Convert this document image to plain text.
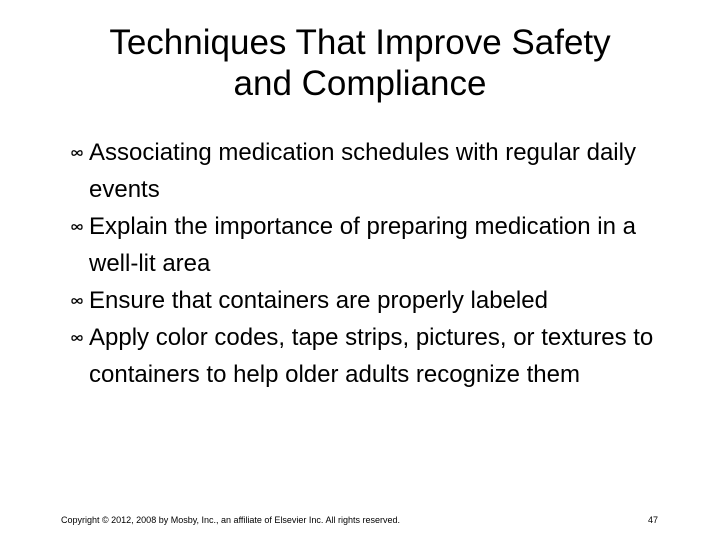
Techniques That Improve Safety
and Compliance
Associating medication schedules with regular daily events
Explain the importance of preparing medication in a well-lit area
Ensure that containers are properly labeled
Apply color codes, tape strips, pictures, or textures to containers to help older adults recognize them
Copyright © 2012, 2008 by Mosby, Inc., an affiliate of Elsevier Inc. All rights reserved.	47
